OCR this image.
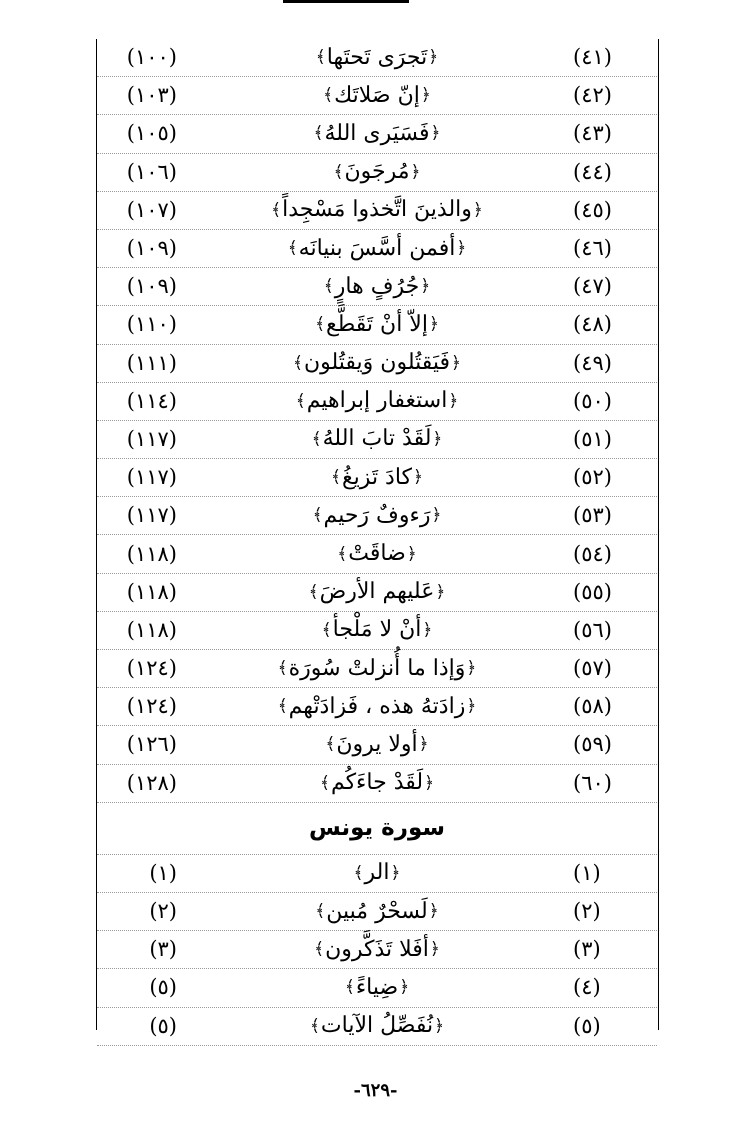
(٤١)
﴿
تَجرَى تَحتَها
﴾
(١٠٠)
(٤٢)
﴿
إنّ صَلاتَك
﴾
(١٠٣)
(٤٣)
﴿
فَسَيَرى اللهُ
﴾
(١٠٥)
(٤٤)
﴿
مُرجَونَ
﴾
(١٠٦)
(٤٥)
﴿
والذينَ اتَّخذوا مَسْجِداً
﴾
(١٠٧)
(٤٦)
﴿
أفمن أسَّسَ بنيانَه
﴾
(١٠٩)
(٤٧)
﴿
جُرُفٍ هارٍ
﴾
(١٠٩)
(٤٨)
﴿
إلاّ أنْ تَقَطَّع
﴾
(١١٠)
(٤٩)
﴿
فَيَقتُلون وَيقتُلون
﴾
(١١١)
(٥٠)
﴿
استغفار إبراهيم
﴾
(١١٤)
(٥١)
﴿
لَقَدْ تابَ اللهُ
﴾
(١١٧)
(٥٢)
﴿
كادَ تَزيغُ
﴾
(١١٧)
(٥٣)
﴿
رَءوفٌ رَحيم
﴾
(١١٧)
(٥٤)
﴿
ضاقَتْ
﴾
(١١٨)
(٥٥)
﴿
عَليهم الأرضَ
﴾
(١١٨)
(٥٦)
﴿
أنْ لا مَلْجأ
﴾
(١١٨)
(٥٧)
﴿
وَإذا ما أُنزلتْ سُورَة
﴾
(١٢٤)
(٥٨)
﴿
زادَتهُ هذه ، فَزادَتْهم
﴾
(١٢٤)
(٥٩)
﴿
أولا يرونَ
﴾
(١٢٦)
(٦٠)
﴿
لَقَدْ جاءَكُم
﴾
(١٢٨)
سورة يونس
(١)
﴿
الر
﴾
(١)
(٢)
﴿
لَسحْرٌ مُبين
﴾
(٢)
(٣)
﴿
أفَلا تَذَكَّرون
﴾
(٣)
(٤)
﴿
ضِياءً
﴾
(٥)
(٥)
﴿
نُفَصِّلُ الآيات
﴾
(٥)
-٦٢٩-
